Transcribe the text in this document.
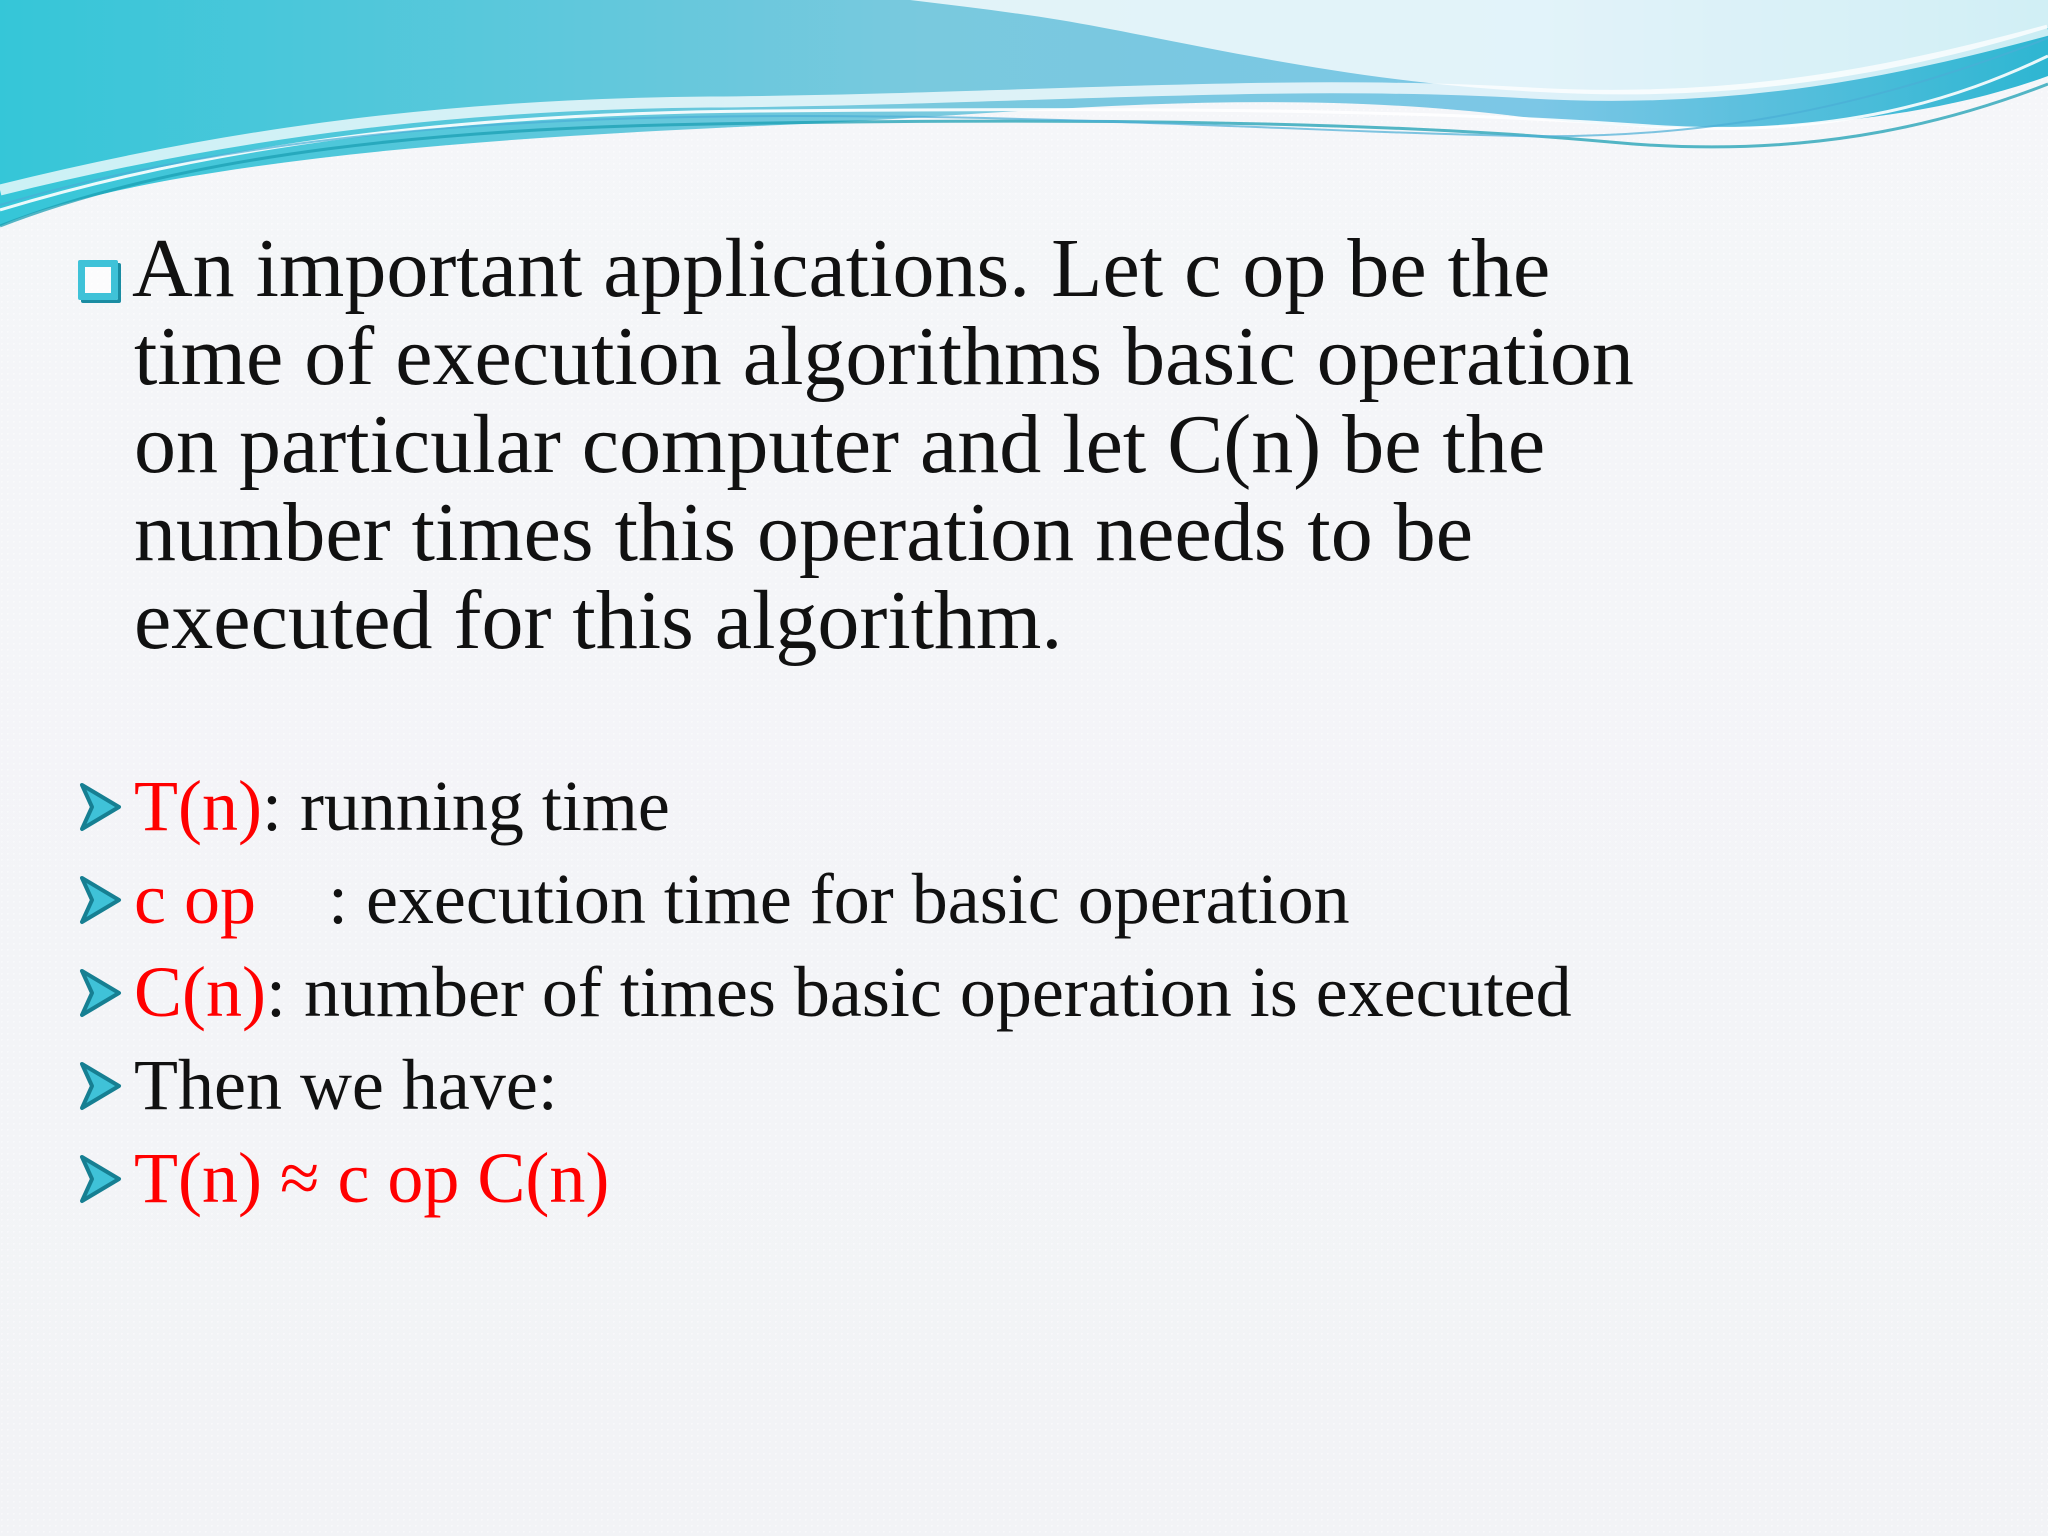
An important applications. Let c op be the
time of execution algorithms basic operation
on particular computer and let C(n) be the
number times this operation needs to be
executed for this algorithm.
T(n) : running time
c op : execution time for basic operation
C(n) : number of times basic operation is executed
Then we have:
T(n) ≈ c op C(n)
